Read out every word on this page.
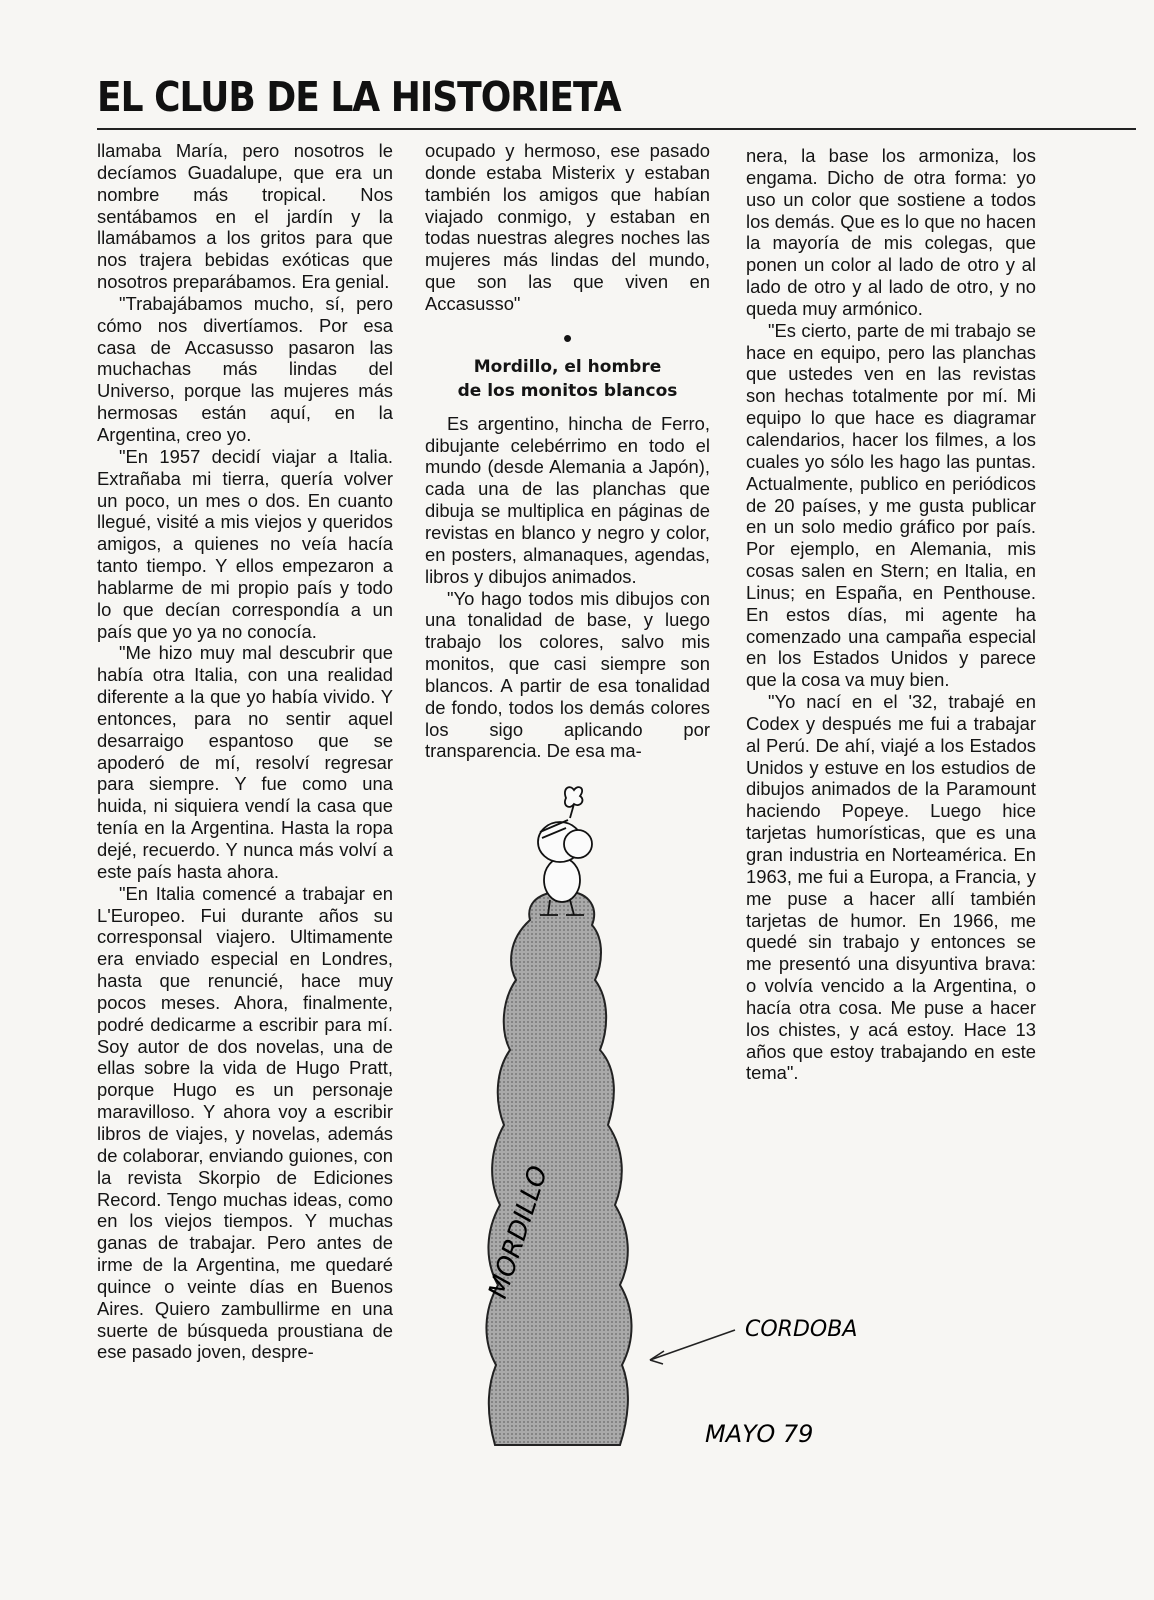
EL CLUB DE LA HISTORIETA

llamaba María, pero nosotros le decíamos Guadalupe, que era un nombre más tropical. Nos sentábamos en el jardín y la llamábamos a los gritos para que nos trajera bebidas exóticas que nosotros preparábamos. Era genial.

"Trabajábamos mucho, sí, pero cómo nos divertíamos. Por esa casa de Accasusso pasaron las muchachas más lindas del Universo, porque las mujeres más hermosas están aquí, en la Argentina, creo yo.

"En 1957 decidí viajar a Italia. Extrañaba mi tierra, quería volver un poco, un mes o dos. En cuanto llegué, visité a mis viejos y queridos amigos, a quienes no veía hacía tanto tiempo. Y ellos empezaron a hablarme de mi propio país y todo lo que decían correspondía a un país que yo ya no conocía.

"Me hizo muy mal descubrir que había otra Italia, con una realidad diferente a la que yo había vivido. Y entonces, para no sentir aquel desarraigo espantoso que se apoderó de mí, resolví regresar para siempre. Y fue como una huida, ni siquiera vendí la casa que tenía en la Argentina. Hasta la ropa dejé, recuerdo. Y nunca más volví a este país hasta ahora.

"En Italia comencé a trabajar en L'Europeo. Fui durante años su corresponsal viajero. Ultimamente era enviado especial en Londres, hasta que renuncié, hace muy pocos meses. Ahora, finalmente, podré dedicarme a escribir para mí. Soy autor de dos novelas, una de ellas sobre la vida de Hugo Pratt, porque Hugo es un personaje maravilloso. Y ahora voy a escribir libros de viajes, y novelas, además de colaborar, enviando guiones, con la revista Skorpio de Ediciones Record. Tengo muchas ideas, como en los viejos tiempos. Y muchas ganas de trabajar. Pero antes de irme de la Argentina, me quedaré quince o veinte días en Buenos Aires. Quiero zambullirme en una suerte de búsqueda proustiana de ese pasado joven, despre-

ocupado y hermoso, ese pasado donde estaba Misterix y estaban también los amigos que habían viajado conmigo, y estaban en todas nuestras alegres noches las mujeres más lindas del mundo, que son las que viven en Accasusso"

•
Mordillo, el hombre
de los monitos blancos

Es argentino, hincha de Ferro, dibujante celebérrimo en todo el mundo (desde Alemania a Japón), cada una de las planchas que dibuja se multiplica en páginas de revistas en blanco y negro y color, en posters, almanaques, agendas, libros y dibujos animados.

"Yo hago todos mis dibujos con una tonalidad de base, y luego trabajo los colores, salvo mis monitos, que casi siempre son blancos. A partir de esa tonalidad de fondo, todos los demás colores los sigo aplicando por transparencia. De esa ma-

nera, la base los armoniza, los engama. Dicho de otra forma: yo uso un color que sostiene a todos los demás. Que es lo que no hacen la mayoría de mis colegas, que ponen un color al lado de otro y al lado de otro y al lado de otro, y no queda muy armónico.

"Es cierto, parte de mi trabajo se hace en equipo, pero las planchas que ustedes ven en las revistas son hechas totalmente por mí. Mi equipo lo que hace es diagramar calendarios, hacer los filmes, a los cuales yo sólo les hago las puntas. Actualmente, publico en periódicos de 20 países, y me gusta publicar en un solo medio gráfico por país. Por ejemplo, en Alemania, mis cosas salen en Stern; en Italia, en Linus; en España, en Penthouse. En estos días, mi agente ha comenzado una campaña especial en los Estados Unidos y parece que la cosa va muy bien.

"Yo nací en el '32, trabajé en Codex y después me fui a trabajar al Perú. De ahí, viajé a los Estados Unidos y estuve en los estudios de dibujos animados de la Paramount haciendo Popeye. Luego hice tarjetas humorísticas, que es una gran industria en Norteamérica. En 1963, me fui a Europa, a Francia, y me puse a hacer allí también tarjetas de humor. En 1966, me quedé sin trabajo y entonces se me presentó una disyuntiva brava: o volvía vencido a la Argentina, o hacía otra cosa. Me puse a hacer los chistes, y acá estoy. Hace 13 años que estoy trabajando en este tema".

MORDILLO
CORDOBA
MAYO 79
